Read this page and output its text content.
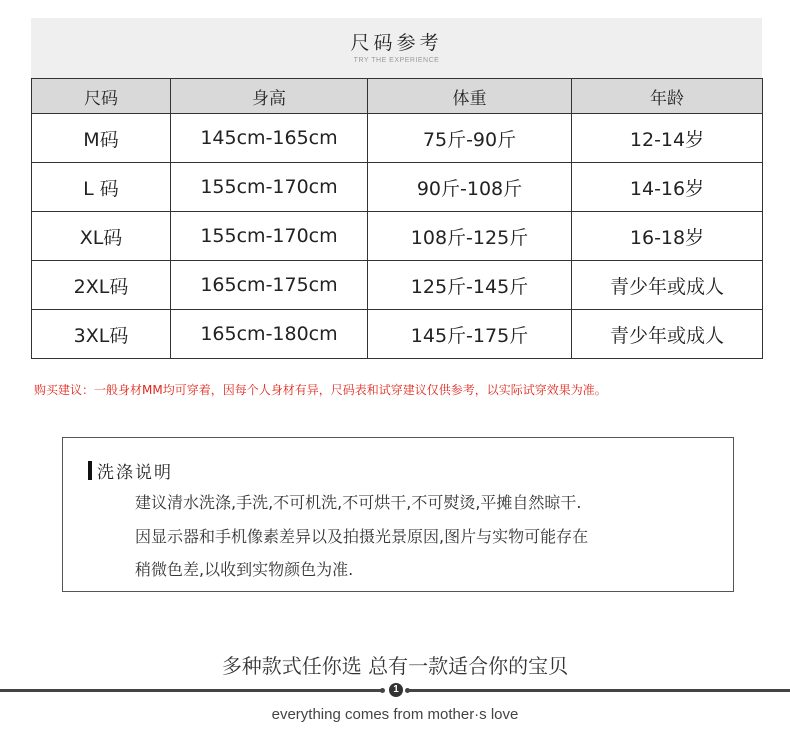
尺码参考
TRY THE EXPERIENCE
尺码	身高	体重	年龄
M码	145cm-165cm	75斤-90斤	12-14岁
L 码	155cm-170cm	90斤-108斤	14-16岁
XL码	155cm-170cm	108斤-125斤	16-18岁
2XL码	165cm-175cm	125斤-145斤	青少年或成人
3XL码	165cm-180cm	145斤-175斤	青少年或成人
购买建议：一般身材MM均可穿着，因每个人身材有异，尺码表和试穿建议仅供参考，以实际试穿效果为准。
洗涤说明
建议清水洗涤,手洗,不可机洗,不可烘干,不可熨烫,平摊自然晾干.
因显示器和手机像素差异以及拍摄光景原因,图片与实物可能存在
稍微色差,以收到实物颜色为准.
多种款式任你选 总有一款适合你的宝贝
1
everything comes from mother·s love
